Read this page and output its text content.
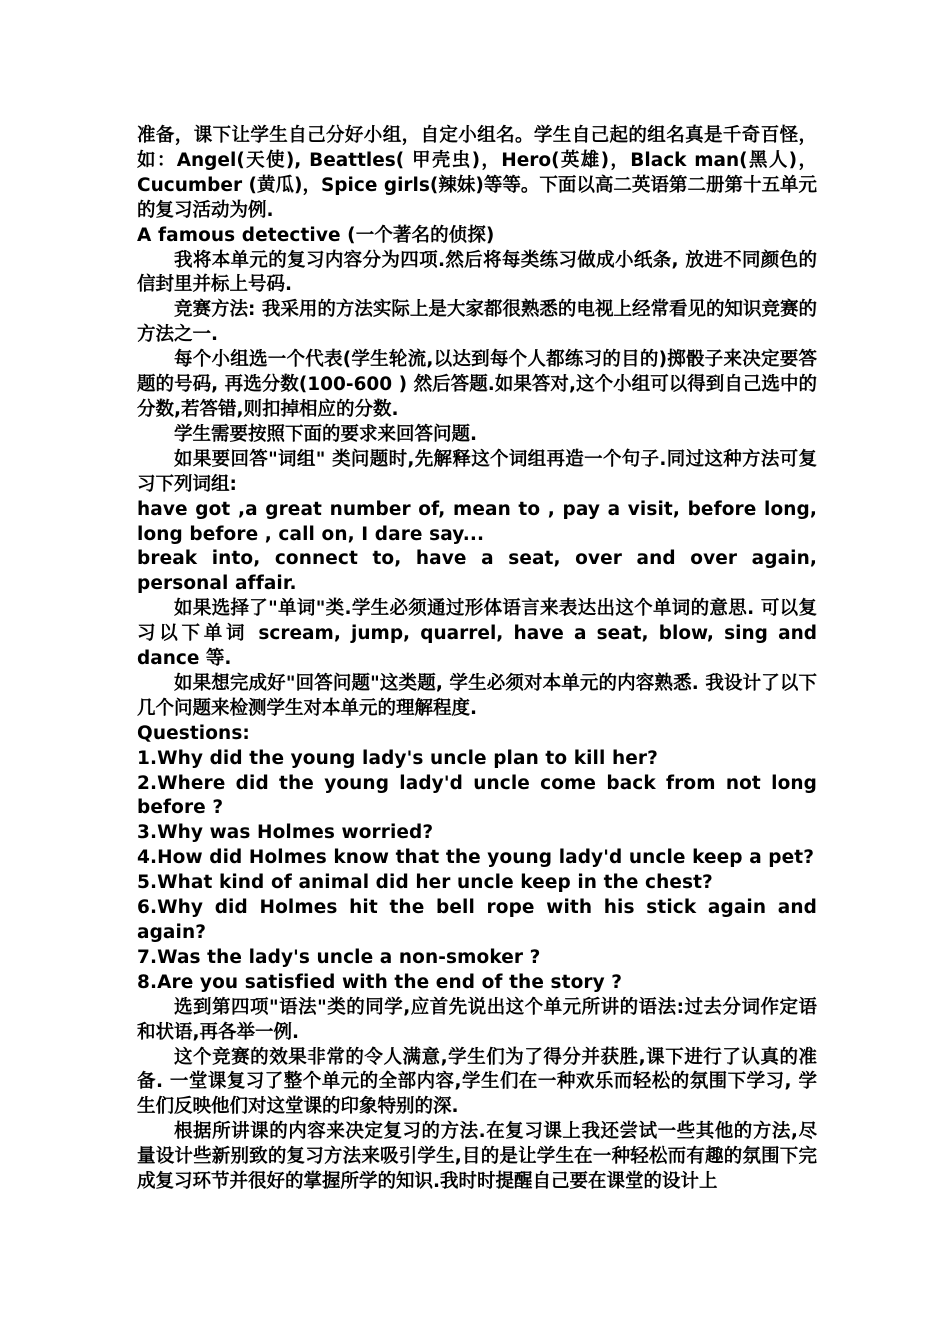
准备，课下让学生自己分好小组，自定小组名。学生自己起的组名真是千奇百怪，如：Angel(天使), Beattles( 甲壳虫)，Hero(英雄)，Black man(黑人)，Cucumber (黄瓜)，Spice girls(辣妹)等等。下面以高二英语第二册第十五单元的复习活动为例.

A famous detective (一个著名的侦探)

我将本单元的复习内容分为四项.然后将每类练习做成小纸条, 放进不同颜色的信封里并标上号码.

竞赛方法: 我采用的方法实际上是大家都很熟悉的电视上经常看见的知识竞赛的方法之一.

每个小组选一个代表(学生轮流,以达到每个人都练习的目的)掷骰子来决定要答题的号码, 再选分数(100-600 ) 然后答题.如果答对,这个小组可以得到自己选中的分数,若答错,则扣掉相应的分数.

学生需要按照下面的要求来回答问题.

如果要回答"词组" 类问题时,先解释这个词组再造一个句子.同过这种方法可复习下列词组:

have got ,a great number of, mean to , pay a visit, before long, long before , call on, I dare say...

break into, connect to, have a seat, over and over again, personal affair.

如果选择了"单词"类.学生必须通过形体语言来表达出这个单词的意思. 可以复习以下单词 scream, jump, quarrel, have a seat, blow, sing and dance 等.

如果想完成好"回答问题"这类题, 学生必须对本单元的内容熟悉. 我设计了以下几个问题来检测学生对本单元的理解程度.

Questions:

1.Why did the young lady's uncle plan to kill her?

2.Where did the young lady'd uncle come back from not long before ?

3.Why was Holmes worried?

4.How did Holmes know that the young lady'd uncle keep a pet?

5.What kind of animal did her uncle keep in the chest?

6.Why did Holmes hit the bell rope with his stick again and again?

7.Was the lady's uncle a non-smoker ?

8.Are you satisfied with the end of the story ?

选到第四项"语法"类的同学,应首先说出这个单元所讲的语法:过去分词作定语和状语,再各举一例.

这个竞赛的效果非常的令人满意,学生们为了得分并获胜,课下进行了认真的准备. 一堂课复习了整个单元的全部内容,学生们在一种欢乐而轻松的氛围下学习, 学生们反映他们对这堂课的印象特别的深.

根据所讲课的内容来决定复习的方法.在复习课上我还尝试一些其他的方法,尽量设计些新别致的复习方法来吸引学生,目的是让学生在一种轻松而有趣的氛围下完成复习环节并很好的掌握所学的知识.我时时提醒自己要在课堂的设计上
